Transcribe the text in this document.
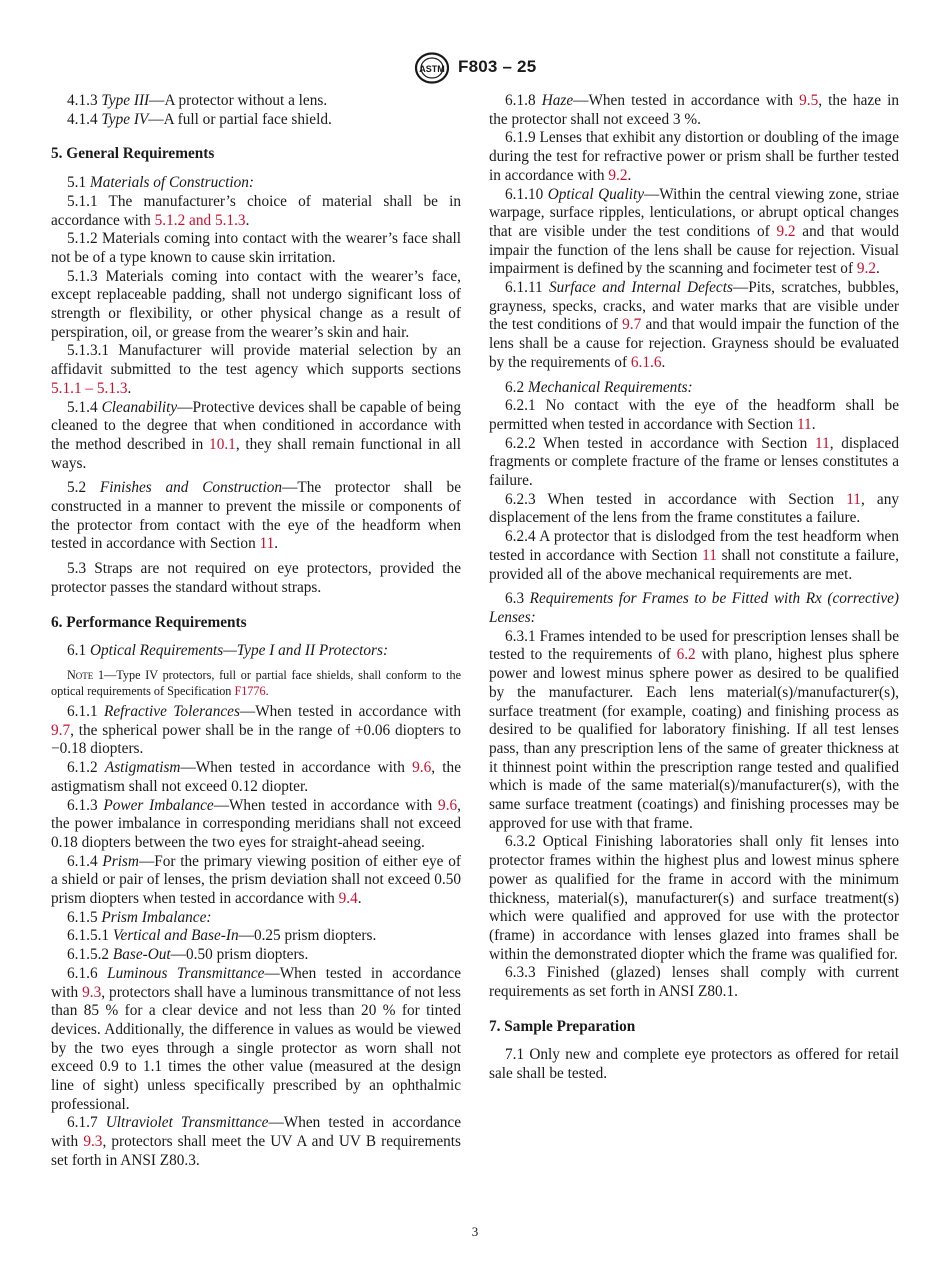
ASTM F803 – 25

4.1.3 Type III—A protector without a lens.

4.1.4 Type IV—A full or partial face shield.

5. General Requirements

5.1 Materials of Construction:

5.1.1 The manufacturer’s choice of material shall be in accordance with 5.1.2 and 5.1.3.

5.1.2 Materials coming into contact with the wearer’s face shall not be of a type known to cause skin irritation.

5.1.3 Materials coming into contact with the wearer’s face, except replaceable padding, shall not undergo significant loss of strength or flexibility, or other physical change as a result of perspiration, oil, or grease from the wearer’s skin and hair.

5.1.3.1 Manufacturer will provide material selection by an affidavit submitted to the test agency which supports sections 5.1.1 – 5.1.3.

5.1.4 Cleanability—Protective devices shall be capable of being cleaned to the degree that when conditioned in accordance with the method described in 10.1, they shall remain functional in all ways.

5.2 Finishes and Construction—The protector shall be constructed in a manner to prevent the missile or components of the protector from contact with the eye of the headform when tested in accordance with Section 11.

5.3 Straps are not required on eye protectors, provided the protector passes the standard without straps.

6. Performance Requirements

6.1 Optical Requirements—Type I and II Protectors:

Note 1—Type IV protectors, full or partial face shields, shall conform to the optical requirements of Specification F1776.

6.1.1 Refractive Tolerances—When tested in accordance with 9.7, the spherical power shall be in the range of +0.06 diopters to −0.18 diopters.

6.1.2 Astigmatism—When tested in accordance with 9.6, the astigmatism shall not exceed 0.12 diopter.

6.1.3 Power Imbalance—When tested in accordance with 9.6, the power imbalance in corresponding meridians shall not exceed 0.18 diopters between the two eyes for straight-ahead seeing.

6.1.4 Prism—For the primary viewing position of either eye of a shield or pair of lenses, the prism deviation shall not exceed 0.50 prism diopters when tested in accordance with 9.4.

6.1.5 Prism Imbalance:

6.1.5.1 Vertical and Base-In—0.25 prism diopters.

6.1.5.2 Base-Out—0.50 prism diopters.

6.1.6 Luminous Transmittance—When tested in accordance with 9.3, protectors shall have a luminous transmittance of not less than 85 % for a clear device and not less than 20 % for tinted devices. Additionally, the difference in values as would be viewed by the two eyes through a single protector as worn shall not exceed 0.9 to 1.1 times the other value (measured at the design line of sight) unless specifically prescribed by an ophthalmic professional.

6.1.7 Ultraviolet Transmittance—When tested in accordance with 9.3, protectors shall meet the UV A and UV B requirements set forth in ANSI Z80.3.

6.1.8 Haze—When tested in accordance with 9.5, the haze in the protector shall not exceed 3 %.

6.1.9 Lenses that exhibit any distortion or doubling of the image during the test for refractive power or prism shall be further tested in accordance with 9.2.

6.1.10 Optical Quality—Within the central viewing zone, striae warpage, surface ripples, lenticulations, or abrupt optical changes that are visible under the test conditions of 9.2 and that would impair the function of the lens shall be cause for rejection. Visual impairment is defined by the scanning and focimeter test of 9.2.

6.1.11 Surface and Internal Defects—Pits, scratches, bubbles, grayness, specks, cracks, and water marks that are visible under the test conditions of 9.7 and that would impair the function of the lens shall be a cause for rejection. Grayness should be evaluated by the requirements of 6.1.6.

6.2 Mechanical Requirements:

6.2.1 No contact with the eye of the headform shall be permitted when tested in accordance with Section 11.

6.2.2 When tested in accordance with Section 11, displaced fragments or complete fracture of the frame or lenses constitutes a failure.

6.2.3 When tested in accordance with Section 11, any displacement of the lens from the frame constitutes a failure.

6.2.4 A protector that is dislodged from the test headform when tested in accordance with Section 11 shall not constitute a failure, provided all of the above mechanical requirements are met.

6.3 Requirements for Frames to be Fitted with Rx (corrective) Lenses:

6.3.1 Frames intended to be used for prescription lenses shall be tested to the requirements of 6.2 with plano, highest plus sphere power and lowest minus sphere power as desired to be qualified by the manufacturer. Each lens material(s)/manufacturer(s), surface treatment (for example, coating) and finishing process as desired to be qualified for laboratory finishing. If all test lenses pass, than any prescription lens of the same of greater thickness at it thinnest point within the prescription range tested and qualified which is made of the same material(s)/manufacturer(s), with the same surface treatment (coatings) and finishing processes may be approved for use with that frame.

6.3.2 Optical Finishing laboratories shall only fit lenses into protector frames within the highest plus and lowest minus sphere power as qualified for the frame in accord with the minimum thickness, material(s), manufacturer(s) and surface treatment(s) which were qualified and approved for use with the protector (frame) in accordance with lenses glazed into frames shall be within the demonstrated diopter which the frame was qualified for.

6.3.3 Finished (glazed) lenses shall comply with current requirements as set forth in ANSI Z80.1.

7. Sample Preparation

7.1 Only new and complete eye protectors as offered for retail sale shall be tested.

3
